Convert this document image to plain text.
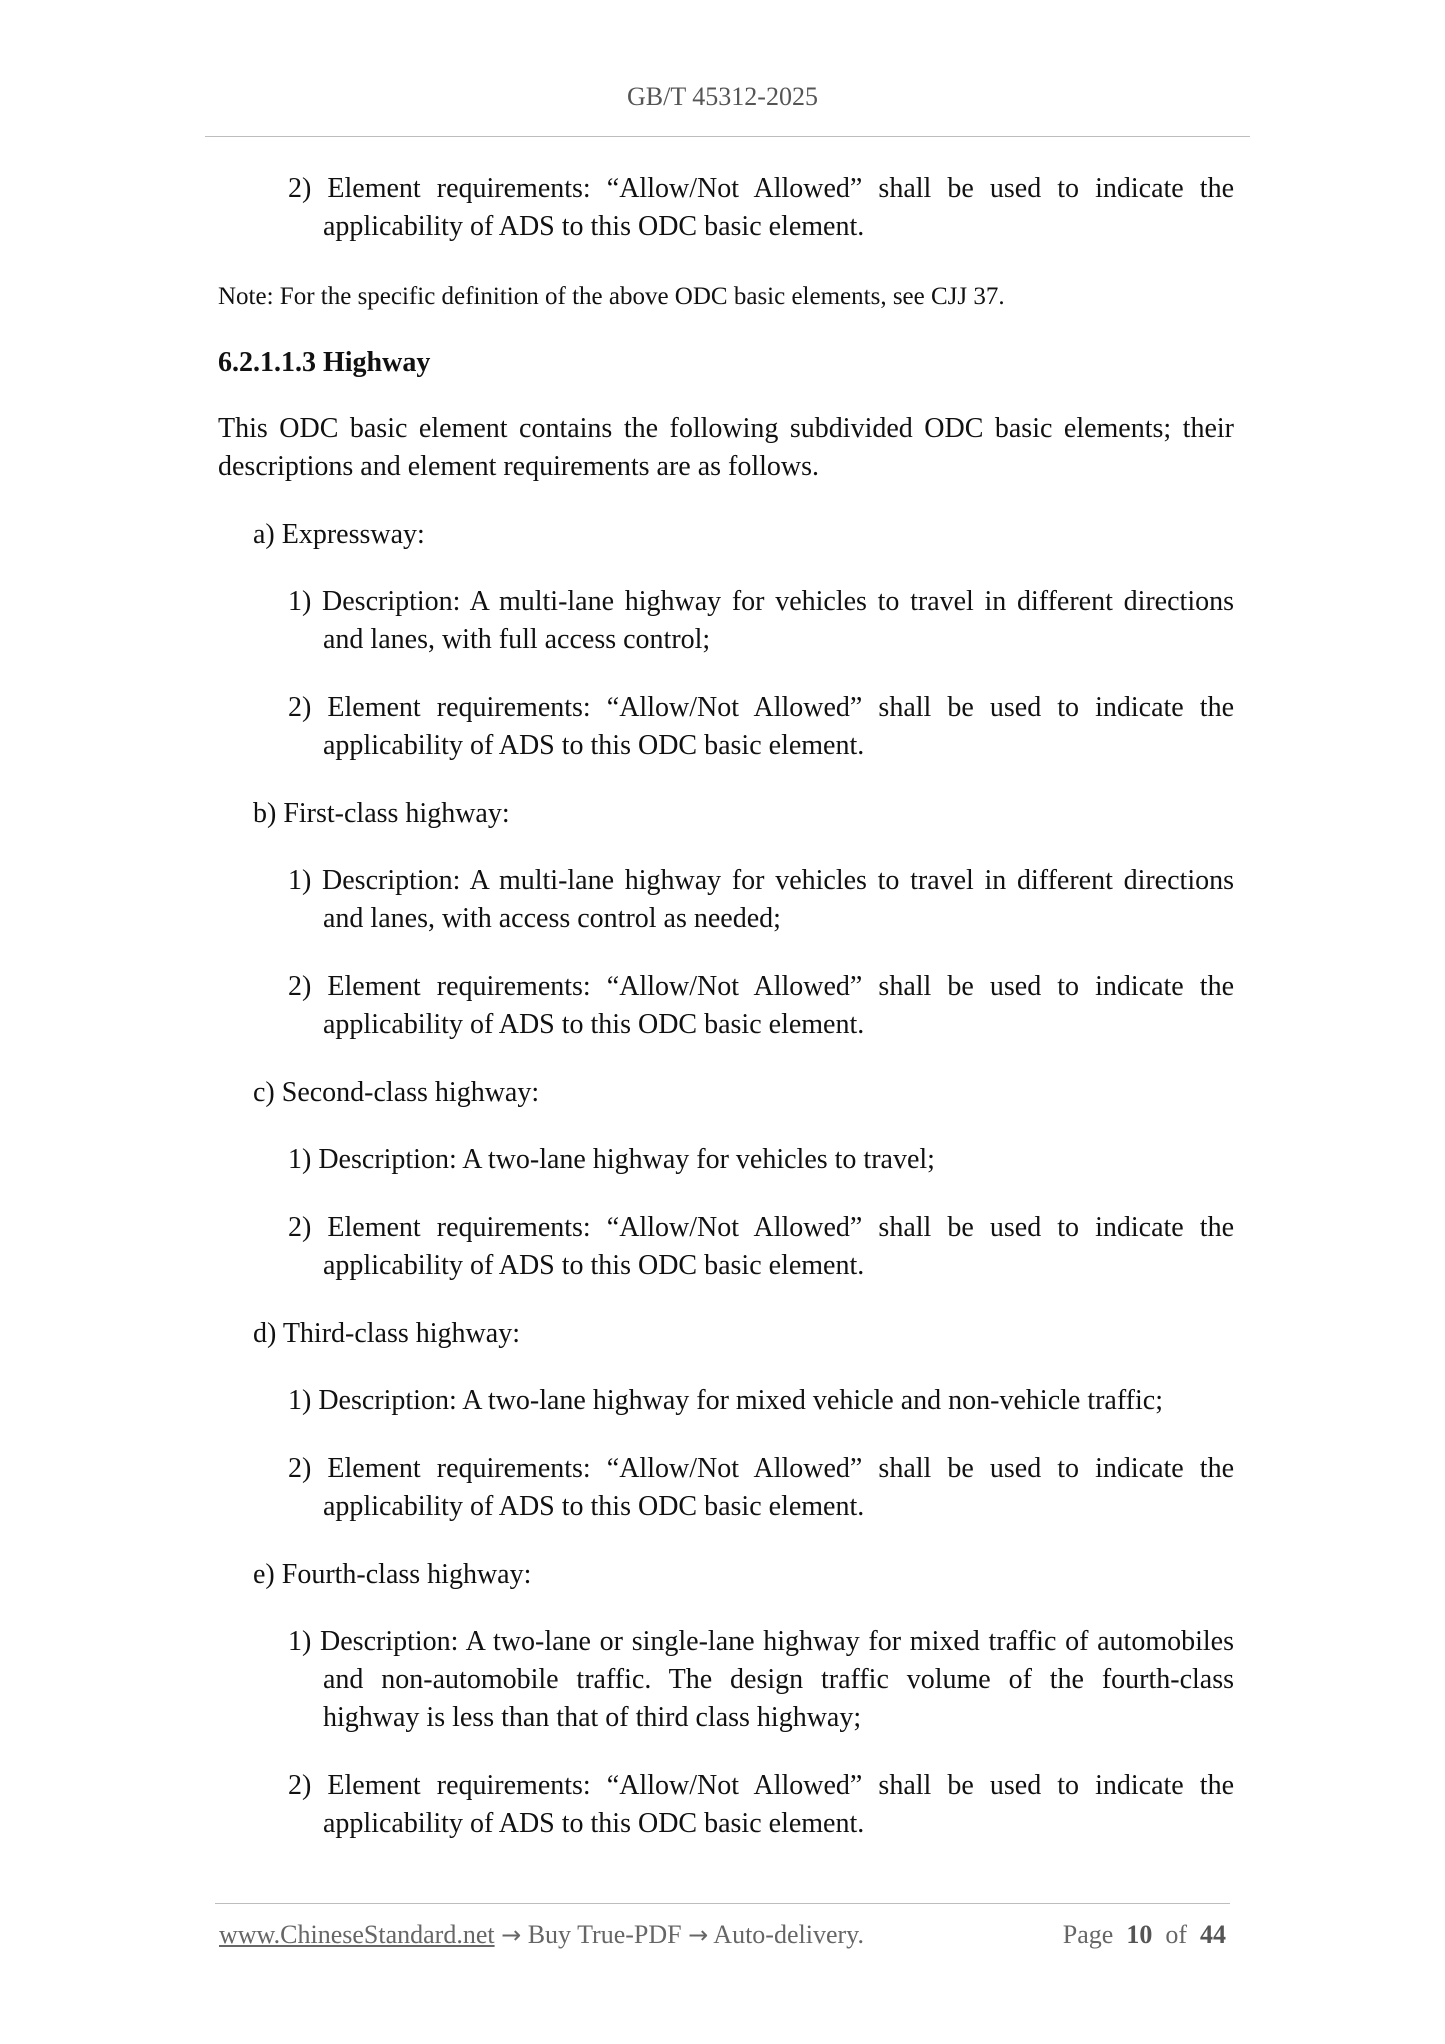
GB/T 45312-2025
2) Element requirements: “Allow/Not Allowed” shall be used to indicate the applicability of ADS to this ODC basic element.
Note: For the specific definition of the above ODC basic elements, see CJJ 37.
6.2.1.1.3 Highway
This ODC basic element contains the following subdivided ODC basic elements; their descriptions and element requirements are as follows.
a) Expressway:
1) Description: A multi-lane highway for vehicles to travel in different directions and lanes, with full access control;
2) Element requirements: “Allow/Not Allowed” shall be used to indicate the applicability of ADS to this ODC basic element.
b) First-class highway:
1) Description: A multi-lane highway for vehicles to travel in different directions and lanes, with access control as needed;
2) Element requirements: “Allow/Not Allowed” shall be used to indicate the applicability of ADS to this ODC basic element.
c) Second-class highway:
1) Description: A two-lane highway for vehicles to travel;
2) Element requirements: “Allow/Not Allowed” shall be used to indicate the applicability of ADS to this ODC basic element.
d) Third-class highway:
1) Description: A two-lane highway for mixed vehicle and non-vehicle traffic;
2) Element requirements: “Allow/Not Allowed” shall be used to indicate the applicability of ADS to this ODC basic element.
e) Fourth-class highway:
1) Description: A two-lane or single-lane highway for mixed traffic of automobiles and non-automobile traffic. The design traffic volume of the fourth-class highway is less than that of third class highway;
2) Element requirements: “Allow/Not Allowed” shall be used to indicate the applicability of ADS to this ODC basic element.
www.ChineseStandard.net → Buy True-PDF → Auto-delivery.	Page 10 of 44
